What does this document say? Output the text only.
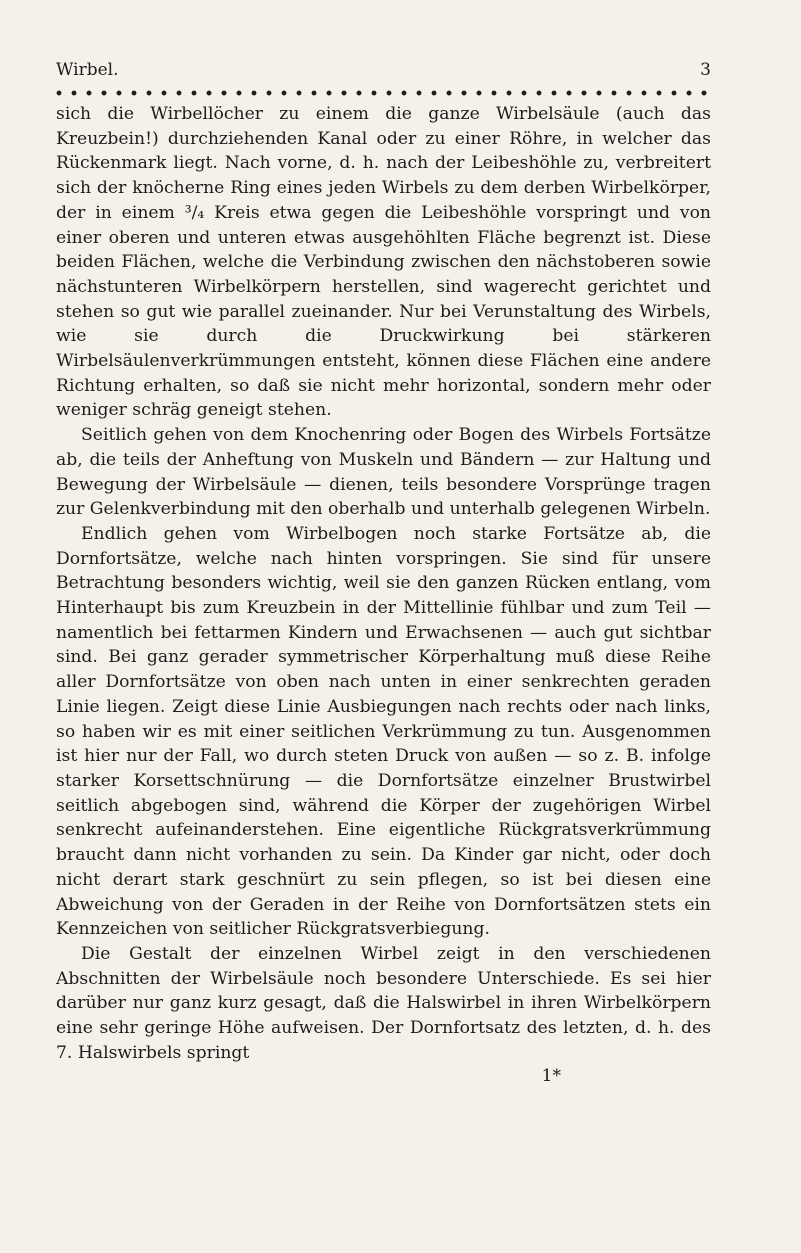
Wirbel.	3

sich die Wirbellöcher zu einem die ganze Wirbelsäule (auch das Kreuzbein!) durchziehenden Kanal oder zu einer Röhre, in welcher das Rückenmark liegt. Nach vorne, d. h. nach der Leibeshöhle zu, verbreitert sich der knöcherne Ring eines jeden Wirbels zu dem derben Wirbelkörper, der in einem ³/₄ Kreis etwa gegen die Leibeshöhle vorspringt und von einer oberen und unteren etwas ausgehöhlten Fläche begrenzt ist. Diese beiden Flächen, welche die Verbindung zwischen den nächstoberen sowie nächstunteren Wirbelkörpern herstellen, sind wagerecht gerichtet und stehen so gut wie parallel zueinander. Nur bei Verunstaltung des Wirbels, wie sie durch die Druckwirkung bei stärkeren Wirbelsäulenverkrümmungen entsteht, können diese Flächen eine andere Richtung erhalten, so daß sie nicht mehr horizontal, sondern mehr oder weniger schräg geneigt stehen.

Seitlich gehen von dem Knochenring oder Bogen des Wirbels Fortsätze ab, die teils der Anheftung von Muskeln und Bändern — zur Haltung und Bewegung der Wirbelsäule — dienen, teils besondere Vorsprünge tragen zur Gelenkverbindung mit den oberhalb und unterhalb gelegenen Wirbeln.

Endlich gehen vom Wirbelbogen noch starke Fortsätze ab, die Dornfortsätze, welche nach hinten vorspringen. Sie sind für unsere Betrachtung besonders wichtig, weil sie den ganzen Rücken entlang, vom Hinterhaupt bis zum Kreuzbein in der Mittellinie fühlbar und zum Teil — namentlich bei fettarmen Kindern und Erwachsenen — auch gut sichtbar sind. Bei ganz gerader symmetrischer Körperhaltung muß diese Reihe aller Dornfortsätze von oben nach unten in einer senkrechten geraden Linie liegen. Zeigt diese Linie Ausbiegungen nach rechts oder nach links, so haben wir es mit einer seitlichen Verkrümmung zu tun. Ausgenommen ist hier nur der Fall, wo durch steten Druck von außen — so z. B. infolge starker Korsettschnürung — die Dornfortsätze einzelner Brustwirbel seitlich abgebogen sind, während die Körper der zugehörigen Wirbel senkrecht aufeinanderstehen. Eine eigentliche Rückgratsverkrümmung braucht dann nicht vorhanden zu sein. Da Kinder gar nicht, oder doch nicht derart stark geschnürt zu sein pflegen, so ist bei diesen eine Abweichung von der Geraden in der Reihe von Dornfortsätzen stets ein Kennzeichen von seitlicher Rückgratsverbiegung.

Die Gestalt der einzelnen Wirbel zeigt in den verschiedenen Abschnitten der Wirbelsäule noch besondere Unterschiede. Es sei hier darüber nur ganz kurz gesagt, daß die Halswirbel in ihren Wirbelkörpern eine sehr geringe Höhe aufweisen. Der Dornfortsatz des letzten, d. h. des 7. Halswirbels springt

1*
